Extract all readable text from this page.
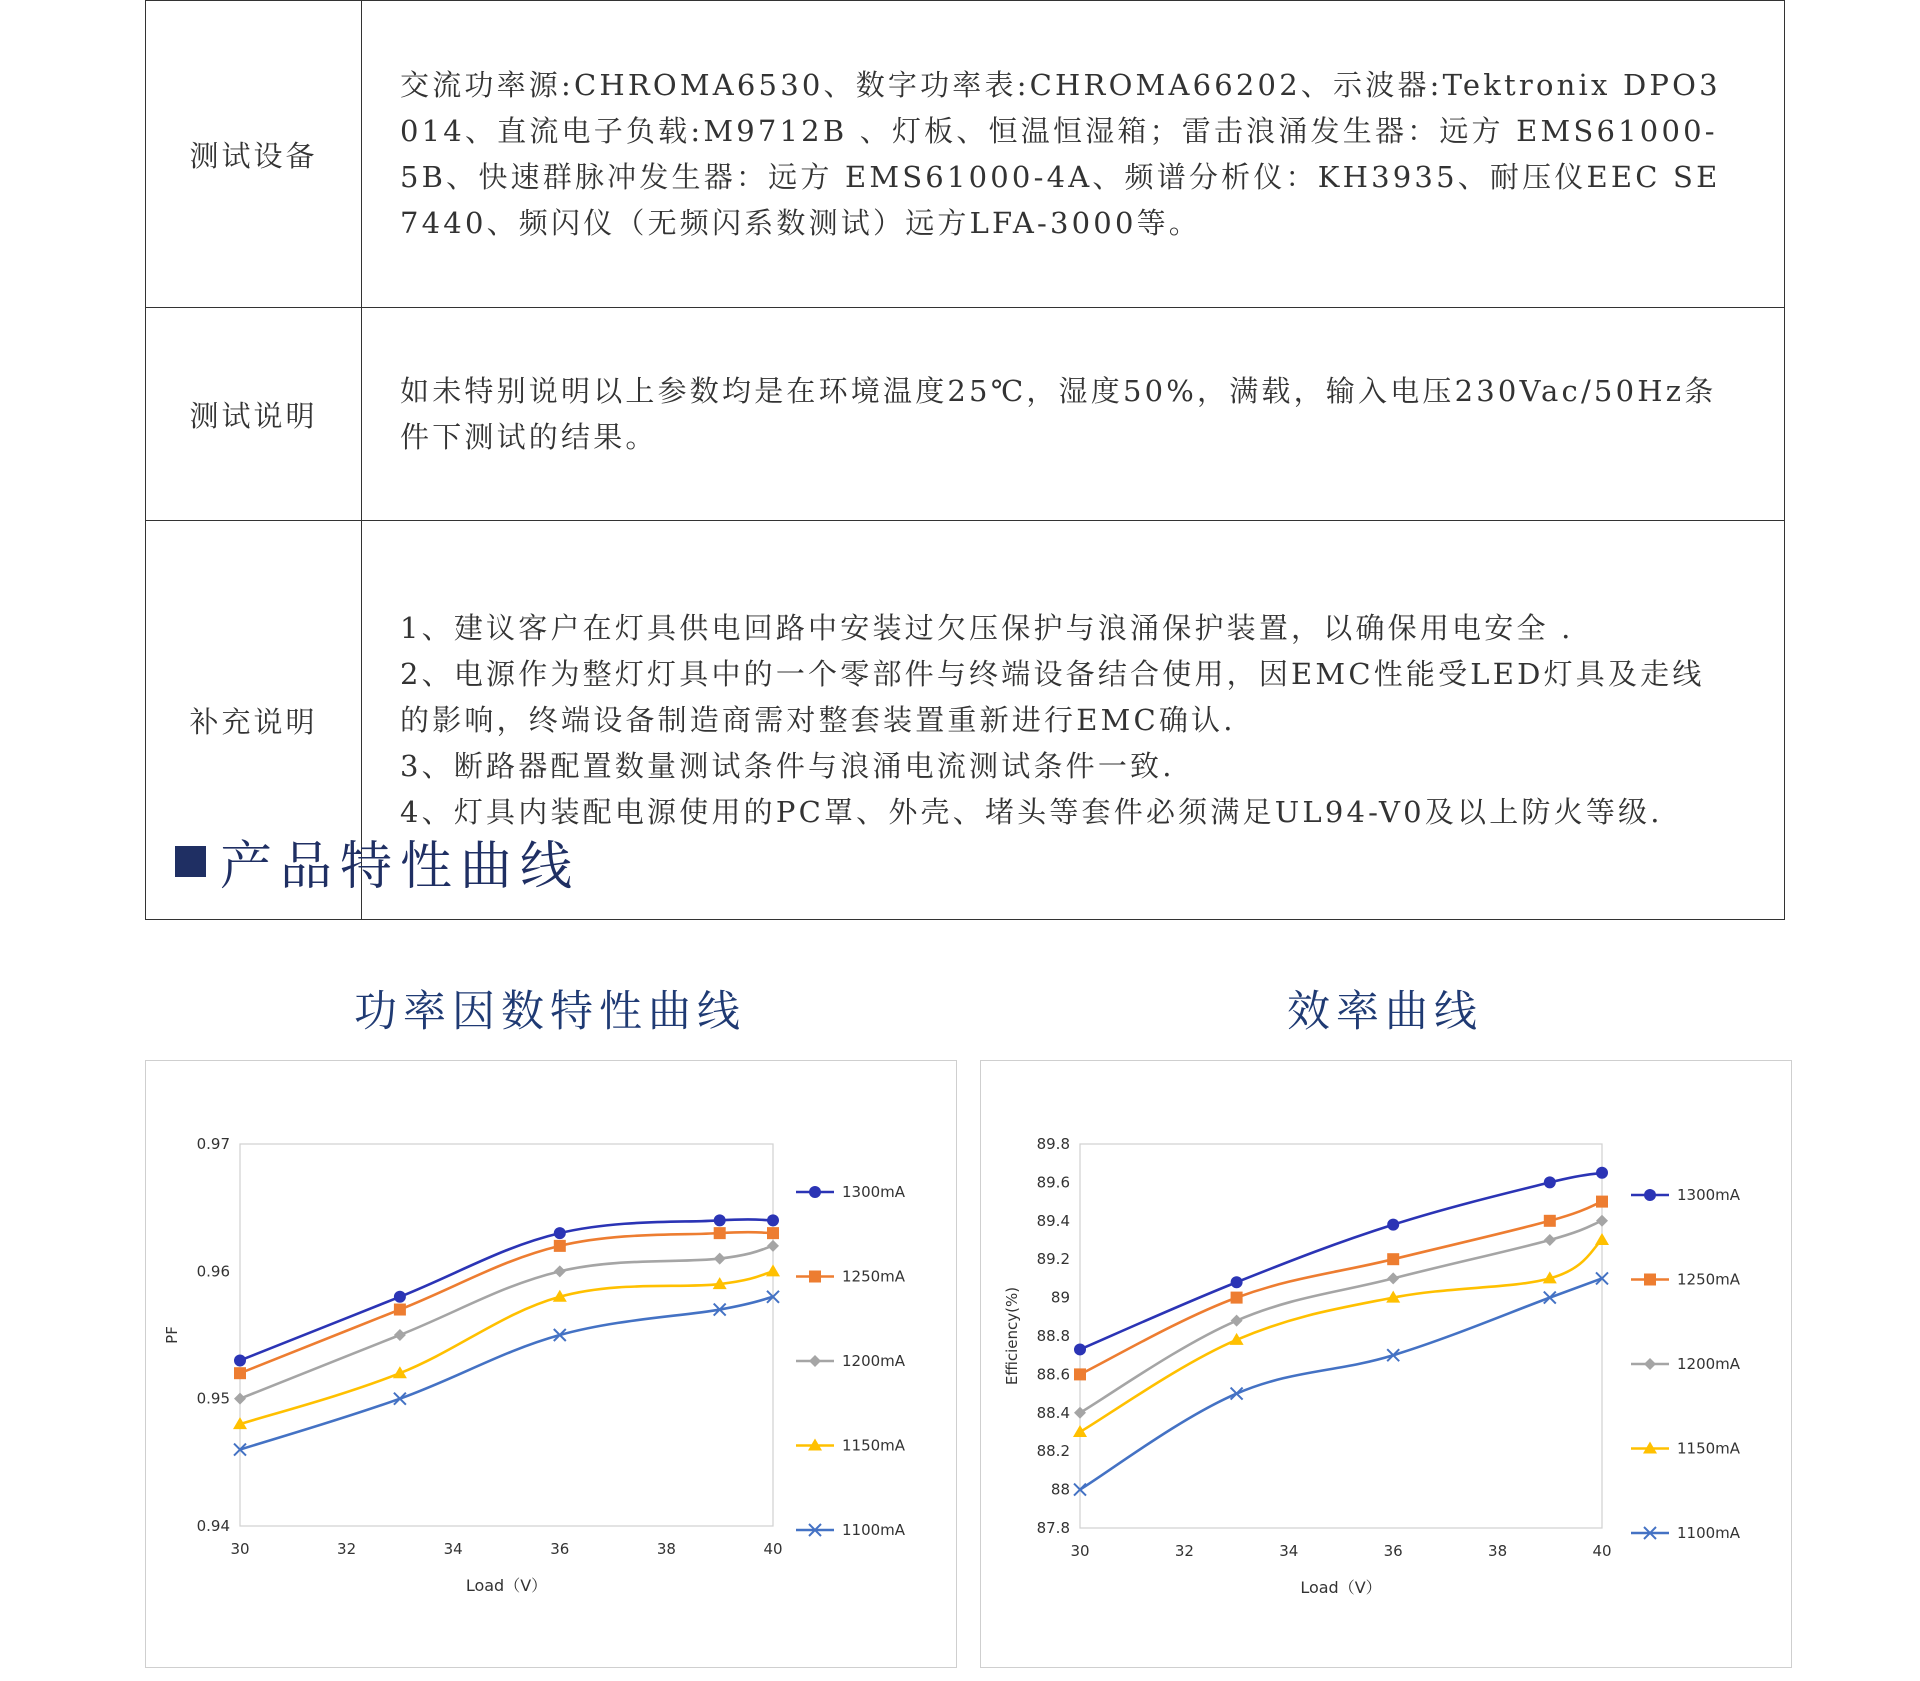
测试设备	交流功率源:CHROMA6530、数字功率表:CHROMA66202、示波器:Tektronix DPO3014、直流电子负载:M9712B 、灯板、恒温恒湿箱；雷击浪涌发生器：远方 EMS61000-5B、快速群脉冲发生器：远方 EMS61000-4A、频谱分析仪：KH3935、耐压仪EEC SE7440、频闪仪（无频闪系数测试）远方LFA-3000等。
测试说明	如未特别说明以上参数均是在环境温度25℃，湿度50%，满载，输入电压230Vac/50Hz条件下测试的结果。
补充说明	1、建议客户在灯具供电回路中安装过欠压保护与浪涌保护装置，以确保用电安全 .
2、电源作为整灯灯具中的一个零部件与终端设备结合使用，因EMC性能受LED灯具及走线的影响，终端设备制造商需对整套装置重新进行EMC确认.
3、断路器配置数量测试条件与浪涌电流测试条件一致.
4、灯具内装配电源使用的PC罩、外壳、堵头等套件必须满足UL94-V0及以上防火等级.
产品特性曲线
功率因数特性曲线	效率曲线
0.94
0.95
0.96
0.97
30	32	34	36	38	40
Load（V）
PF
1300mA
1250mA
1200mA
1150mA
1100mA	87.8
88
88.2
88.4
88.6
88.8
89
89.2
89.4
89.6
89.8
30	32	34	36	38	40
Load（V）
Efficiency(%)
1300mA
1250mA
1200mA
1150mA
1100mA
